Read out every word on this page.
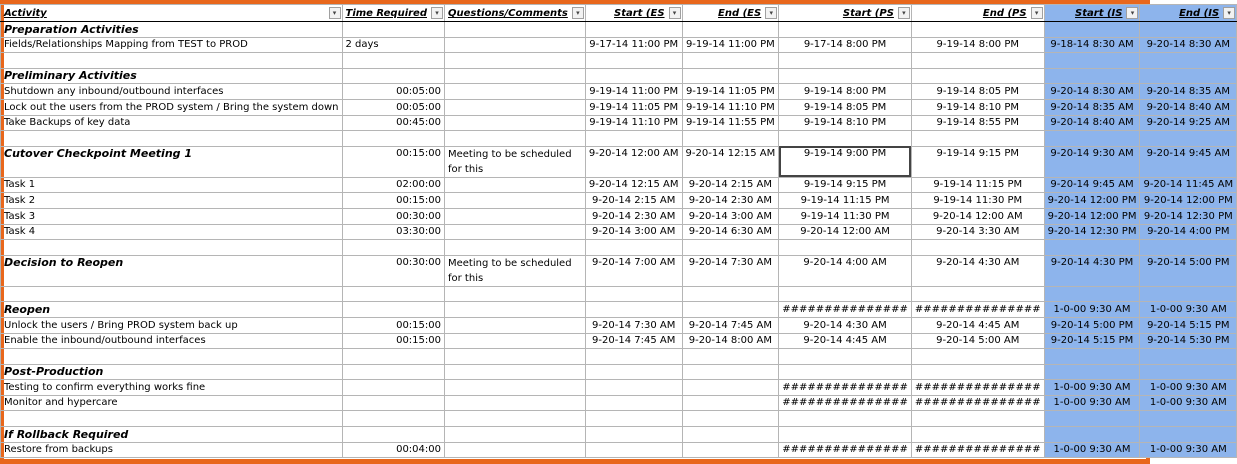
Activity ▾	Time Required ▾	Questions/Comments ▾	Start (ES ▾	End (ES ▾	Start (PS ▾	End (PS ▾	Start (IS ▾	End (IS ▾

Preparation Activities								
Fields/Relationships Mapping from TEST to PROD	2 days		9-17-14 11:00 PM	9-19-14 11:00 PM	9-17-14 8:00 PM	9-19-14 8:00 PM	9-18-14 8:30 AM	9-20-14 8:30 AM

Preliminary Activities								
Shutdown any inbound/outbound interfaces	00:05:00		9-19-14 11:00 PM	9-19-14 11:05 PM	9-19-14 8:00 PM	9-19-14 8:05 PM	9-20-14 8:30 AM	9-20-14 8:35 AM
Lock out the users from the PROD system / Bring the system down	00:05:00		9-19-14 11:05 PM	9-19-14 11:10 PM	9-19-14 8:05 PM	9-19-14 8:10 PM	9-20-14 8:35 AM	9-20-14 8:40 AM
Take Backups of key data	00:45:00		9-19-14 11:10 PM	9-19-14 11:55 PM	9-19-14 8:10 PM	9-19-14 8:55 PM	9-20-14 8:40 AM	9-20-14 9:25 AM

Cutover Checkpoint Meeting 1	00:15:00	Meeting to be scheduled for this	9-20-14 12:00 AM	9-20-14 12:15 AM	9-19-14 9:00 PM	9-19-14 9:15 PM	9-20-14 9:30 AM	9-20-14 9:45 AM
Task 1	02:00:00		9-20-14 12:15 AM	9-20-14 2:15 AM	9-19-14 9:15 PM	9-19-14 11:15 PM	9-20-14 9:45 AM	9-20-14 11:45 AM
Task 2	00:15:00		9-20-14 2:15 AM	9-20-14 2:30 AM	9-19-14 11:15 PM	9-19-14 11:30 PM	9-20-14 12:00 PM	9-20-14 12:00 PM
Task 3	00:30:00		9-20-14 2:30 AM	9-20-14 3:00 AM	9-19-14 11:30 PM	9-20-14 12:00 AM	9-20-14 12:00 PM	9-20-14 12:30 PM
Task 4	03:30:00		9-20-14 3:00 AM	9-20-14 6:30 AM	9-20-14 12:00 AM	9-20-14 3:30 AM	9-20-14 12:30 PM	9-20-14 4:00 PM

Decision to Reopen	00:30:00	Meeting to be scheduled for this	9-20-14 7:00 AM	9-20-14 7:30 AM	9-20-14 4:00 AM	9-20-14 4:30 AM	9-20-14 4:30 PM	9-20-14 5:00 PM

Reopen					###############	###############	1-0-00 9:30 AM	1-0-00 9:30 AM
Unlock the users / Bring PROD system back up	00:15:00		9-20-14 7:30 AM	9-20-14 7:45 AM	9-20-14 4:30 AM	9-20-14 4:45 AM	9-20-14 5:00 PM	9-20-14 5:15 PM
Enable the inbound/outbound interfaces	00:15:00		9-20-14 7:45 AM	9-20-14 8:00 AM	9-20-14 4:45 AM	9-20-14 5:00 AM	9-20-14 5:15 PM	9-20-14 5:30 PM

Post-Production								
Testing to confirm everything works fine					###############	###############	1-0-00 9:30 AM	1-0-00 9:30 AM
Monitor and hypercare					###############	###############	1-0-00 9:30 AM	1-0-00 9:30 AM

If Rollback Required								
Restore from backups	00:04:00				###############	###############	1-0-00 9:30 AM	1-0-00 9:30 AM
